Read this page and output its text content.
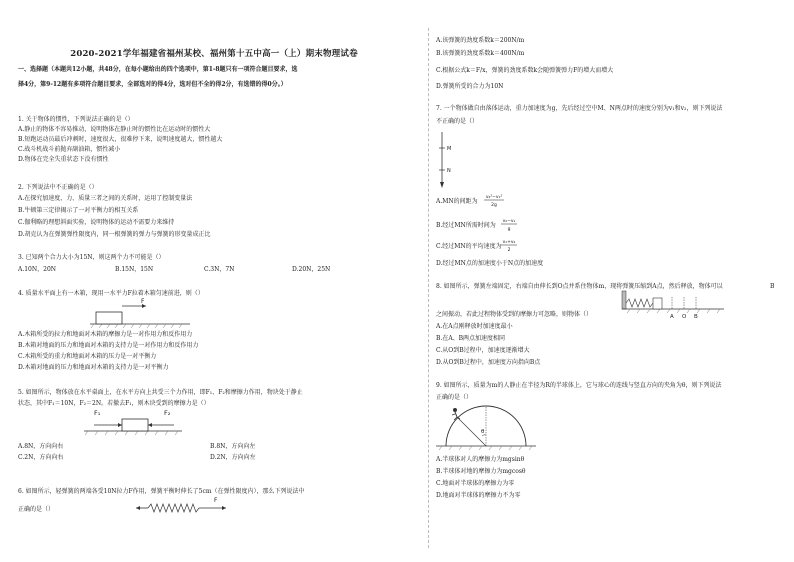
2020-2021学年福建省福州某校、福州第十五中高一（上）期末物理试卷
一、选择题（本题共12小题，共48分，在每小题给出的四个选项中，第1-8题只有一项符合题目要求，选
择4分，第9-12题有多项符合题目要求，全部选对的得4分，选对但不全的得2分，有选错的得0分。）
1. 关于物体的惯性，下列说法正确的是（）
A.静止的物体不容易推动，说明物体在静止时的惯性比在运动时的惯性大
B.短跑运动员最后冲刺时，速度很大，很难停下来，说明速度越大，惯性越大
C.战斗机战斗前抛弃副油箱，惯性减小
D.物体在完全失重状态下没有惯性
2. 下列说法中不正确的是（）
A.在探究加速度、力、质量三者之间的关系时，运用了控制变量法
B.牛顿第三定律揭示了一对平衡力的相互关系
C.伽利略的理想斜面实验，说明物体的运动不需要力来维持
D.胡克认为在弹簧弹性限度内，同一根弹簧的弹力与弹簧的形变量成正比
3. 已知两个合力大小为15N，则这两个力不可能是（）
A.10N，20N	B.15N，15N	C.3N，7N	D.20N，25N
4. 质量水平面上有一木箱，现用一水平力F拉着木箱匀速前进，则（）
F
A.木箱所受的拉力和地面对木箱的摩擦力是一对作用力和反作用力
B.木箱对地面的压力和地面对木箱的支持力是一对作用力和反作用力
C.木箱所受的重力和地面对木箱的压力是一对平衡力
D.木箱对地面的压力和地面对木箱的支持力是一对平衡力
5. 如图所示，物体放在水平桌面上，在水平方向上共受三个力作用，即F₁、F₂和摩擦力作用，物块处于静止
状态，其中F₁＝10N，F₂＝2N。若撤去F₁，则木块受到的摩擦力是（）
F₁	F₂
A.8N，方向向右	B.8N，方向向左
C.2N，方向向右	D.2N，方向向左
6. 如图所示，轻弹簧的两端各受10N拉力F作用，弹簧平衡时伸长了5cm（在弹性限度内），那么下列说法中
正确的是（）
F
A.该弹簧的劲度系数k＝200N/m
B.该弹簧的劲度系数k＝400N/m
C.根据公式k＝F/x，弹簧的劲度系数k会随弹簧弹力F的增大而增大
D.弹簧所受的合力为10N
7. 一个物体做自由落体运动，重力加速度为g，先后经过空中M、N两点时的速度分别为v₁和v₂，则下列说法
不正确的是（）
M
N
A.MN的间距为
v₂²−v₁²
2g
B.经过MN所需时间为
v₂−v₁
g
C.经过MN的平均速度为
v₁+v₂
2
D.经过MN点的加速度小于N点的加速度
8. 如图所示，弹簧左端固定，右端自由伸长到O点并系住物体m，现将弹簧压缩到A点，然后释放，物体可以	B
A O B
之间振动，若此过程物体受到的摩擦力可忽略，则物体（）
A.在A点刚释放时加速度最小
B.在A、B两点加速度相同
C.从O到B过程中，加速度逐渐增大
D.从O到B过程中，加速度方向指向B点
9. 如图所示，质量为m的人静止在半径为R的半球体上，它与球心的连线与竖直方向的夹角为θ，则下列说法
正确的是（）
θ
A.半球体对人的摩擦力为mgsinθ
B.半球体对地的摩擦力为mgcosθ
C.地面对半球体的摩擦力为零
D.地面对半球体的摩擦力不为零
